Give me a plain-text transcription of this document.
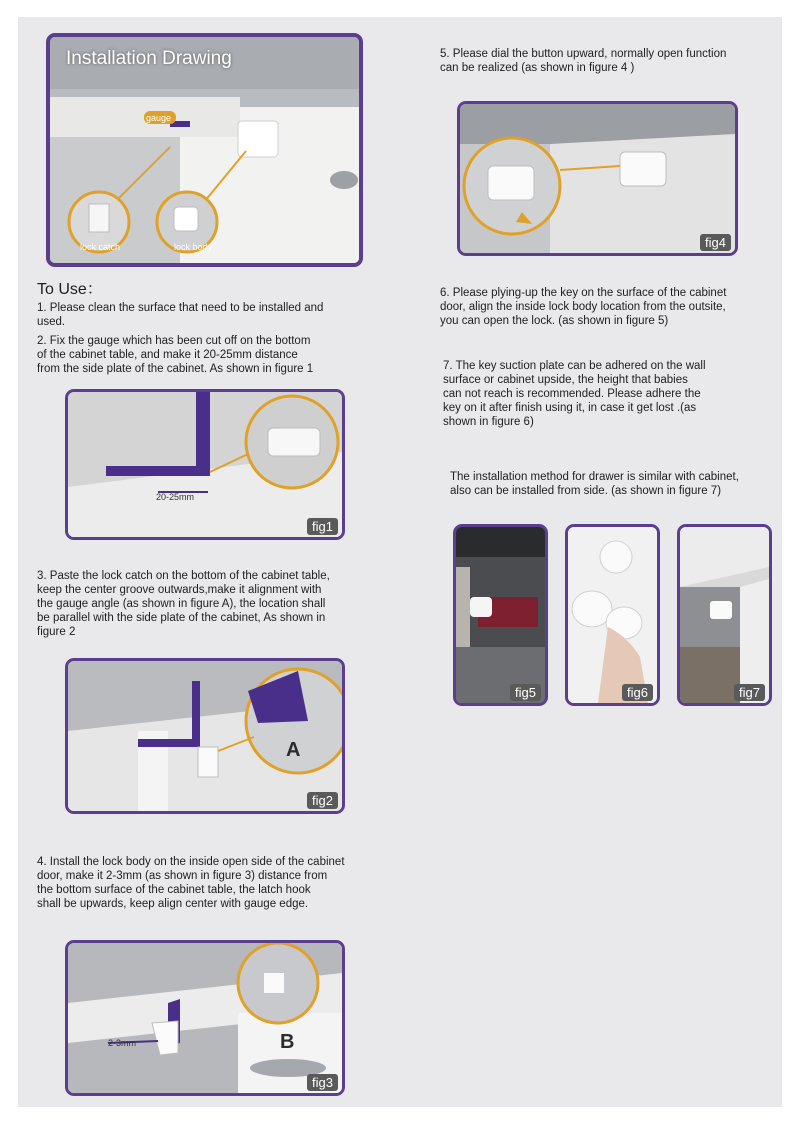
Installation Drawing
gauge
lock catch	lock body
To Use：

1. Please clean the surface that need to be installed and
used.

2. Fix the gauge which has been cut off on the bottom
of the cabinet table, and make it 20-25mm distance
from the side plate of the cabinet. As shown in figure 1

20-25mm
fig1

3. Paste the lock catch on the bottom of the cabinet table,
keep the center groove outwards,make it alignment with
the gauge angle (as shown in figure A), the location shall
be parallel with the side plate of the cabinet, As shown in
figure 2

A
fig2

4. Install the lock body on the inside open side of the cabinet
door, make it 2-3mm (as shown in figure 3) distance from
the bottom surface of the cabinet table, the latch hook
shall be upwards, keep align center with gauge edge.

2-3mm	B
fig3

5. Please dial the button upward, normally open function
can be realized (as shown in figure 4 )

fig4

6. Please plying-up the key on the surface of the cabinet
door, align the inside lock body location from the outsite,
you can open the lock. (as shown in figure 5)

7. The key suction plate can be adhered on the wall
surface or cabinet upside, the height that babies
can not reach is recommended. Please adhere the
key on it after finish using it, in case it get lost .(as
shown in figure 6)

The installation method for drawer is similar with cabinet,
also can be installed from side. (as shown in figure 7)

fig5	fig6	fig7
